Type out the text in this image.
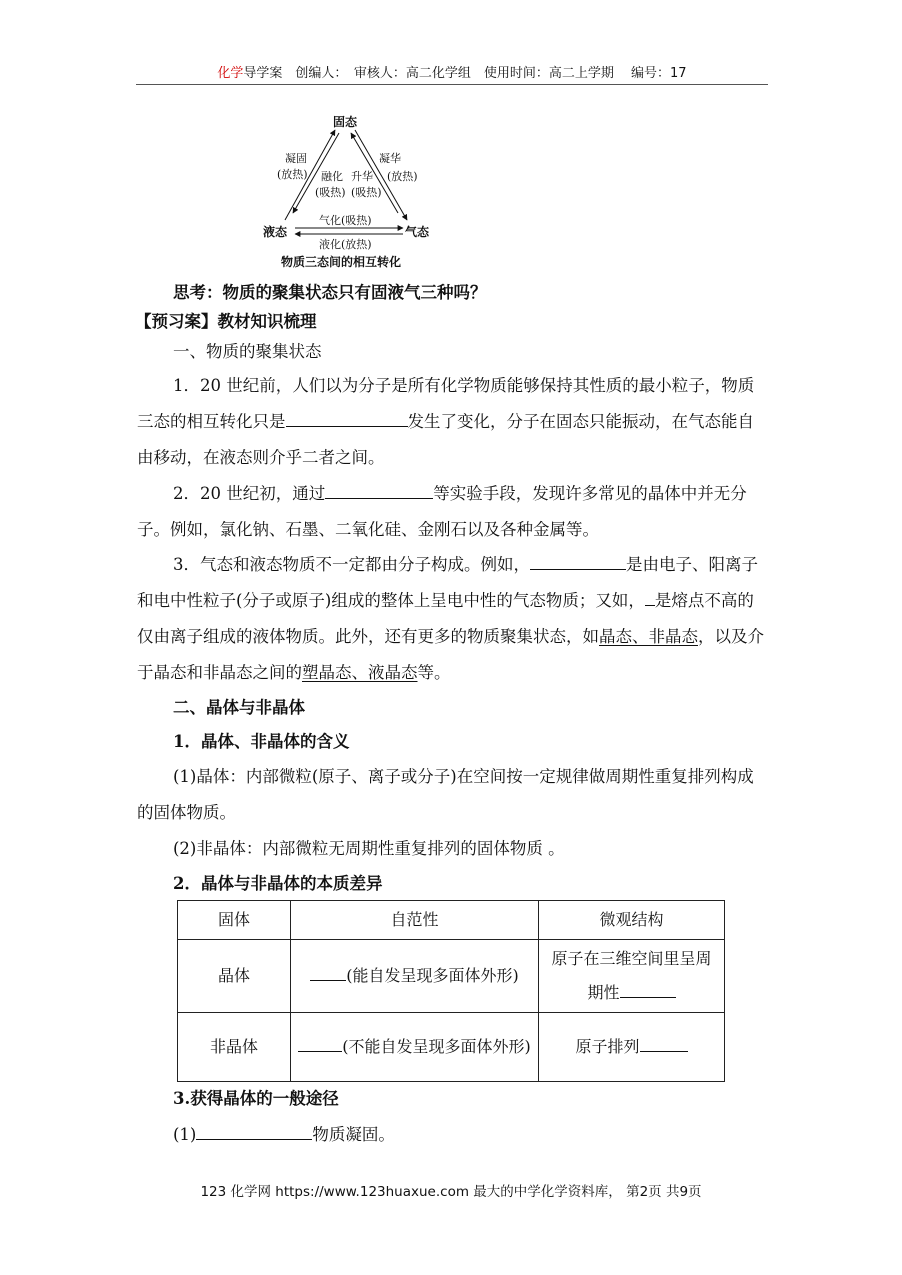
化学导学案　创编人：　审核人：高二化学组　使用时间：高二上学期　 编号：17
固态
液态	气态
凝固
(放热)
凝华
(放热)
融化
(吸热)
升华
(吸热)
气化(吸热)
液化(放热)
物质三态间的相互转化
思考：物质的聚集状态只有固液气三种吗？
【预习案】教材知识梳理
一、物质的聚集状态
1．20 世纪前，人们以为分子是所有化学物质能够保持其性质的最小粒子，物质三态的相互转化只是	发生了变化，分子在固态只能振动，在气态能自由移动，在液态则介乎二者之间。
2．20 世纪初，通过	等实验手段，发现许多常见的晶体中并无分子。例如，氯化钠、石墨、二氧化硅、金刚石以及各种金属等。
3．气态和液态物质不一定都由分子构成。例如，	是由电子、阳离子和电中性粒子(分子或原子)组成的整体上呈电中性的气态物质；又如， 是熔点不高的仅由离子组成的液体物质。此外，还有更多的物质聚集状态，如晶态、非晶态，以及介于晶态和非晶态之间的塑晶态、液晶态等。
二、晶体与非晶体
1．晶体、非晶体的含义
(1)晶体：内部微粒(原子、离子或分子)在空间按一定规律做周期性重复排列构成的固体物质。
(2)非晶体：内部微粒无周期性重复排列的固体物质 。
2．晶体与非晶体的本质差异
固体	自范性	微观结构
晶体	(能自发呈现多面体外形)	原子在三维空间里呈周期性
非晶体	(不能自发呈现多面体外形)	原子排列
3.获得晶体的一般途径
(1)	物质凝固。
123 化学网 https://www.123huaxue.com 最大的中学化学资料库， 第2页 共9页
